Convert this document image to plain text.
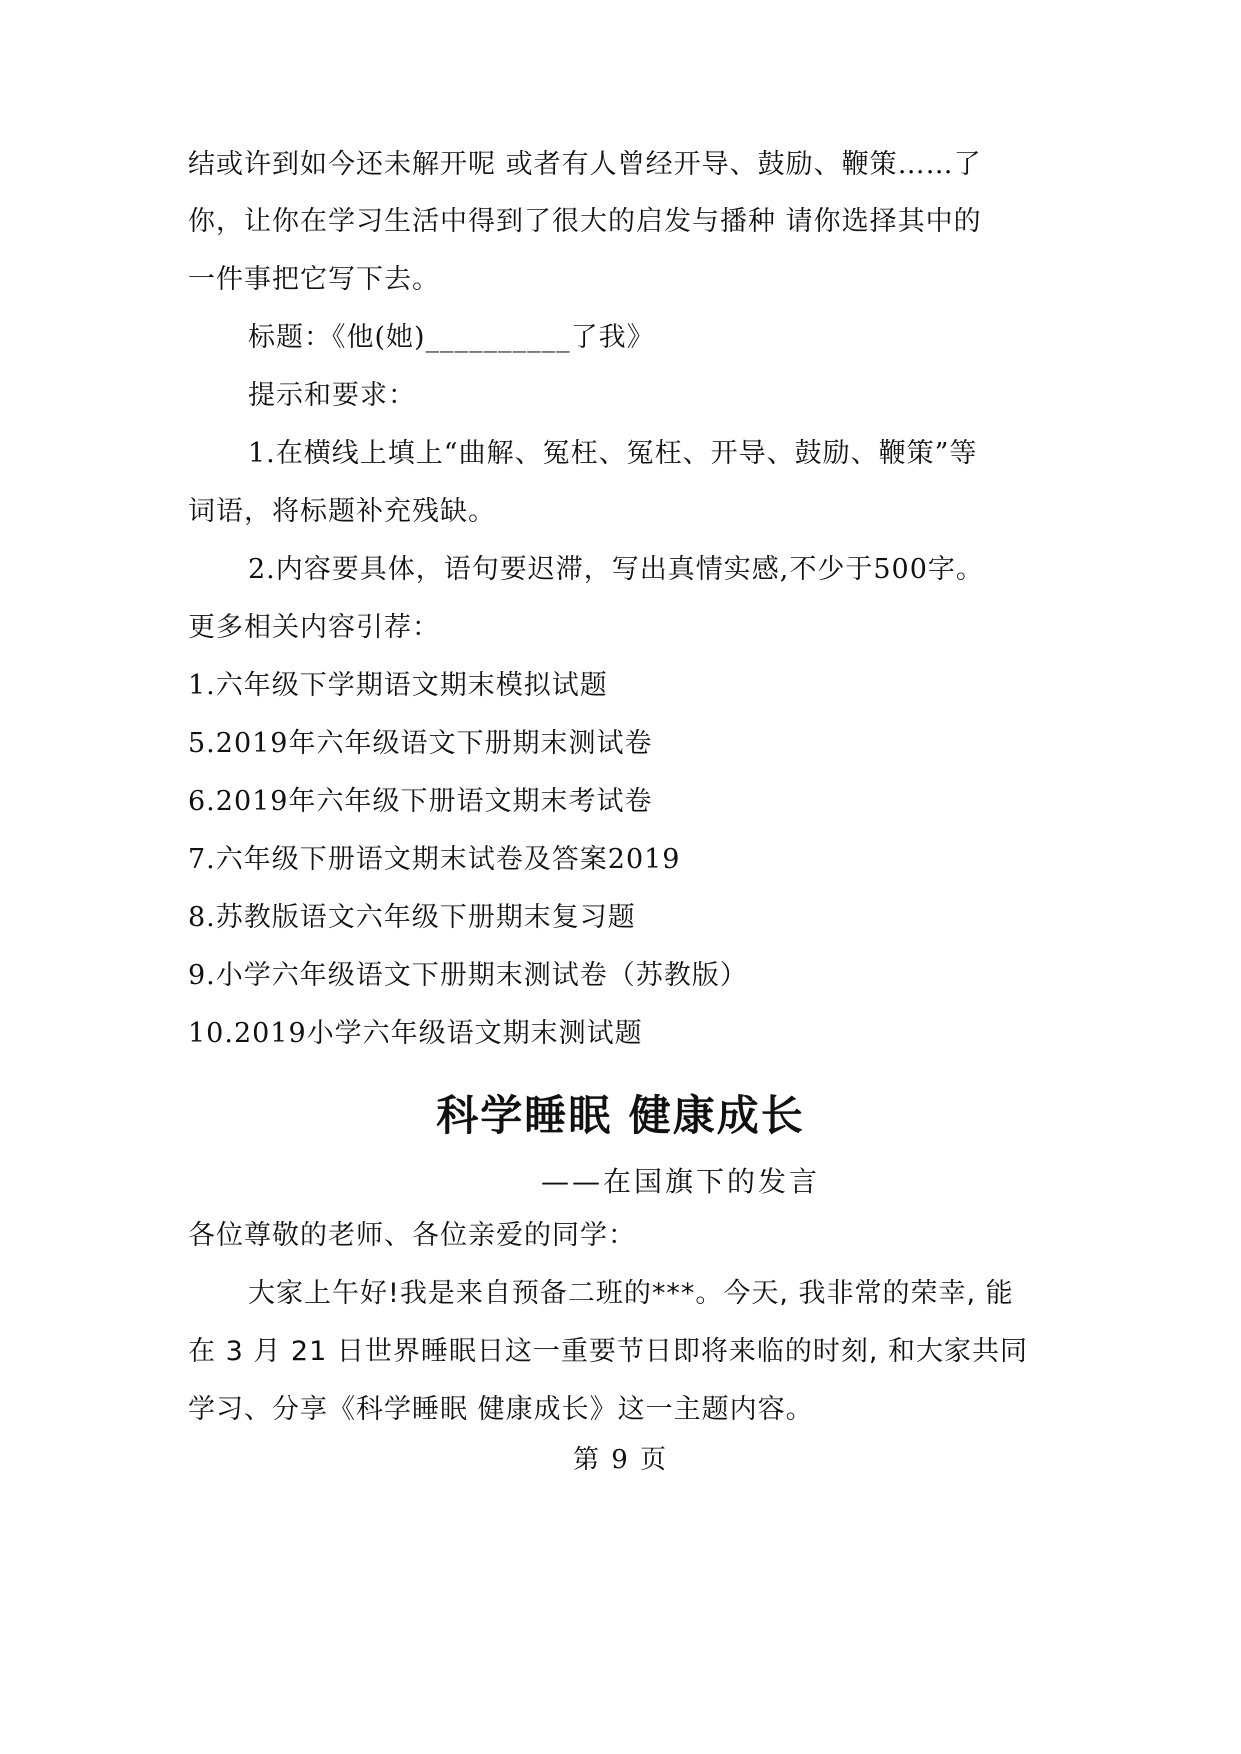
结或许到如今还未解开呢 或者有人曾经开导、鼓励、鞭策……了
你，让你在学习生活中得到了很大的启发与播种 请你选择其中的
一件事把它写下去。
标题：《他(她)__________了我》
提示和要求：
1.在横线上填上“曲解、冤枉、冤枉、开导、鼓励、鞭策”等
词语，将标题补充残缺。
2.内容要具体，语句要迟滞，写出真情实感,不少于500字。
更多相关内容引荐：
1.六年级下学期语文期末模拟试题
5.2019年六年级语文下册期末测试卷
6.2019年六年级下册语文期末考试卷
7.六年级下册语文期末试卷及答案2019
8.苏教版语文六年级下册期末复习题
9.小学六年级语文下册期末测试卷（苏教版）
10.2019小学六年级语文期末测试题
科学睡眠 健康成长
——在国旗下的发言
各位尊敬的老师、各位亲爱的同学：
大家上午好!我是来自预备二班的***。今天, 我非常的荣幸, 能
在 3 月 21 日世界睡眠日这一重要节日即将来临的时刻, 和大家共同
学习、分享《科学睡眠 健康成长》这一主题内容。
第 9 页
